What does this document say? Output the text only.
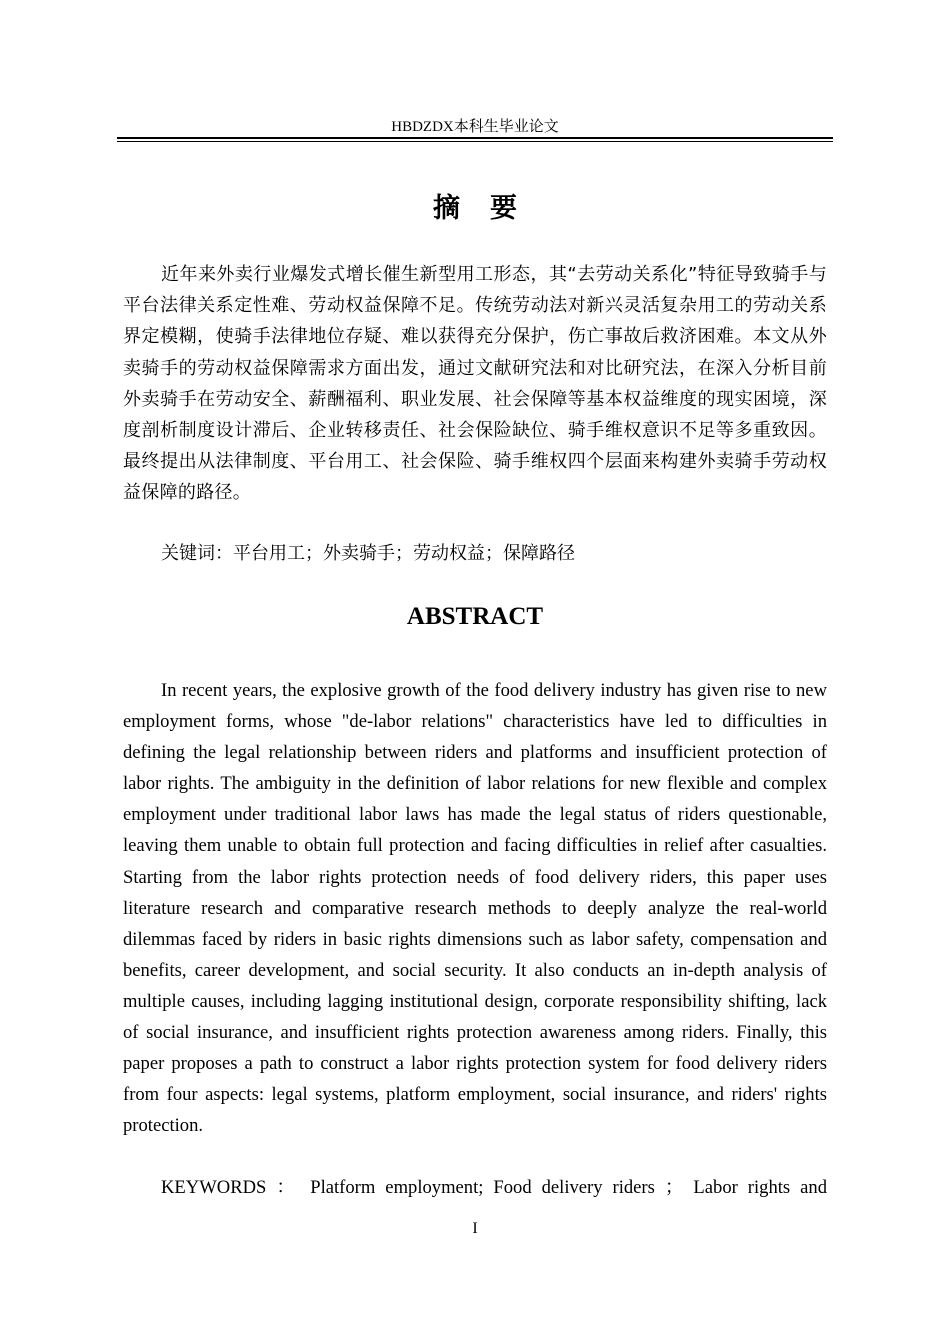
HBDZDX本科生毕业论文
摘要

近年来外卖行业爆发式增长催生新型用工形态，其“去劳动关系化”特征导致骑手与平台法律关系定性难、劳动权益保障不足。传统劳动法对新兴灵活复杂用工的劳动关系界定模糊，使骑手法律地位存疑、难以获得充分保护，伤亡事故后救济困难。本文从外卖骑手的劳动权益保障需求方面出发，通过文献研究法和对比研究法，在深入分析目前外卖骑手在劳动安全、薪酬福利、职业发展、社会保障等基本权益维度的现实困境，深度剖析制度设计滞后、企业转移责任、社会保险缺位、骑手维权意识不足等多重致因。最终提出从法律制度、平台用工、社会保险、骑手维权四个层面来构建外卖骑手劳动权益保障的路径。

关键词：平台用工；外卖骑手；劳动权益；保障路径

ABSTRACT

In recent years, the explosive growth of the food delivery industry has given rise to new employment forms, whose "de-labor relations" characteristics have led to difficulties in defining the legal relationship between riders and platforms and insufficient protection of labor rights. The ambiguity in the definition of labor relations for new flexible and complex employment under traditional labor laws has made the legal status of riders questionable, leaving them unable to obtain full protection and facing difficulties in relief after casualties. Starting from the labor rights protection needs of food delivery riders, this paper uses literature research and comparative research methods to deeply analyze the real-world dilemmas faced by riders in basic rights dimensions such as labor safety, compensation and benefits, career development, and social security. It also conducts an in-depth analysis of multiple causes, including lagging institutional design, corporate responsibility shifting, lack of social insurance, and insufficient rights protection awareness among riders. Finally, this paper proposes a path to construct a labor rights protection system for food delivery riders from four aspects: legal systems, platform employment, social insurance, and riders' rights protection.

KEYWORDS ： Platform employment; Food delivery riders ； Labor rights and

I
